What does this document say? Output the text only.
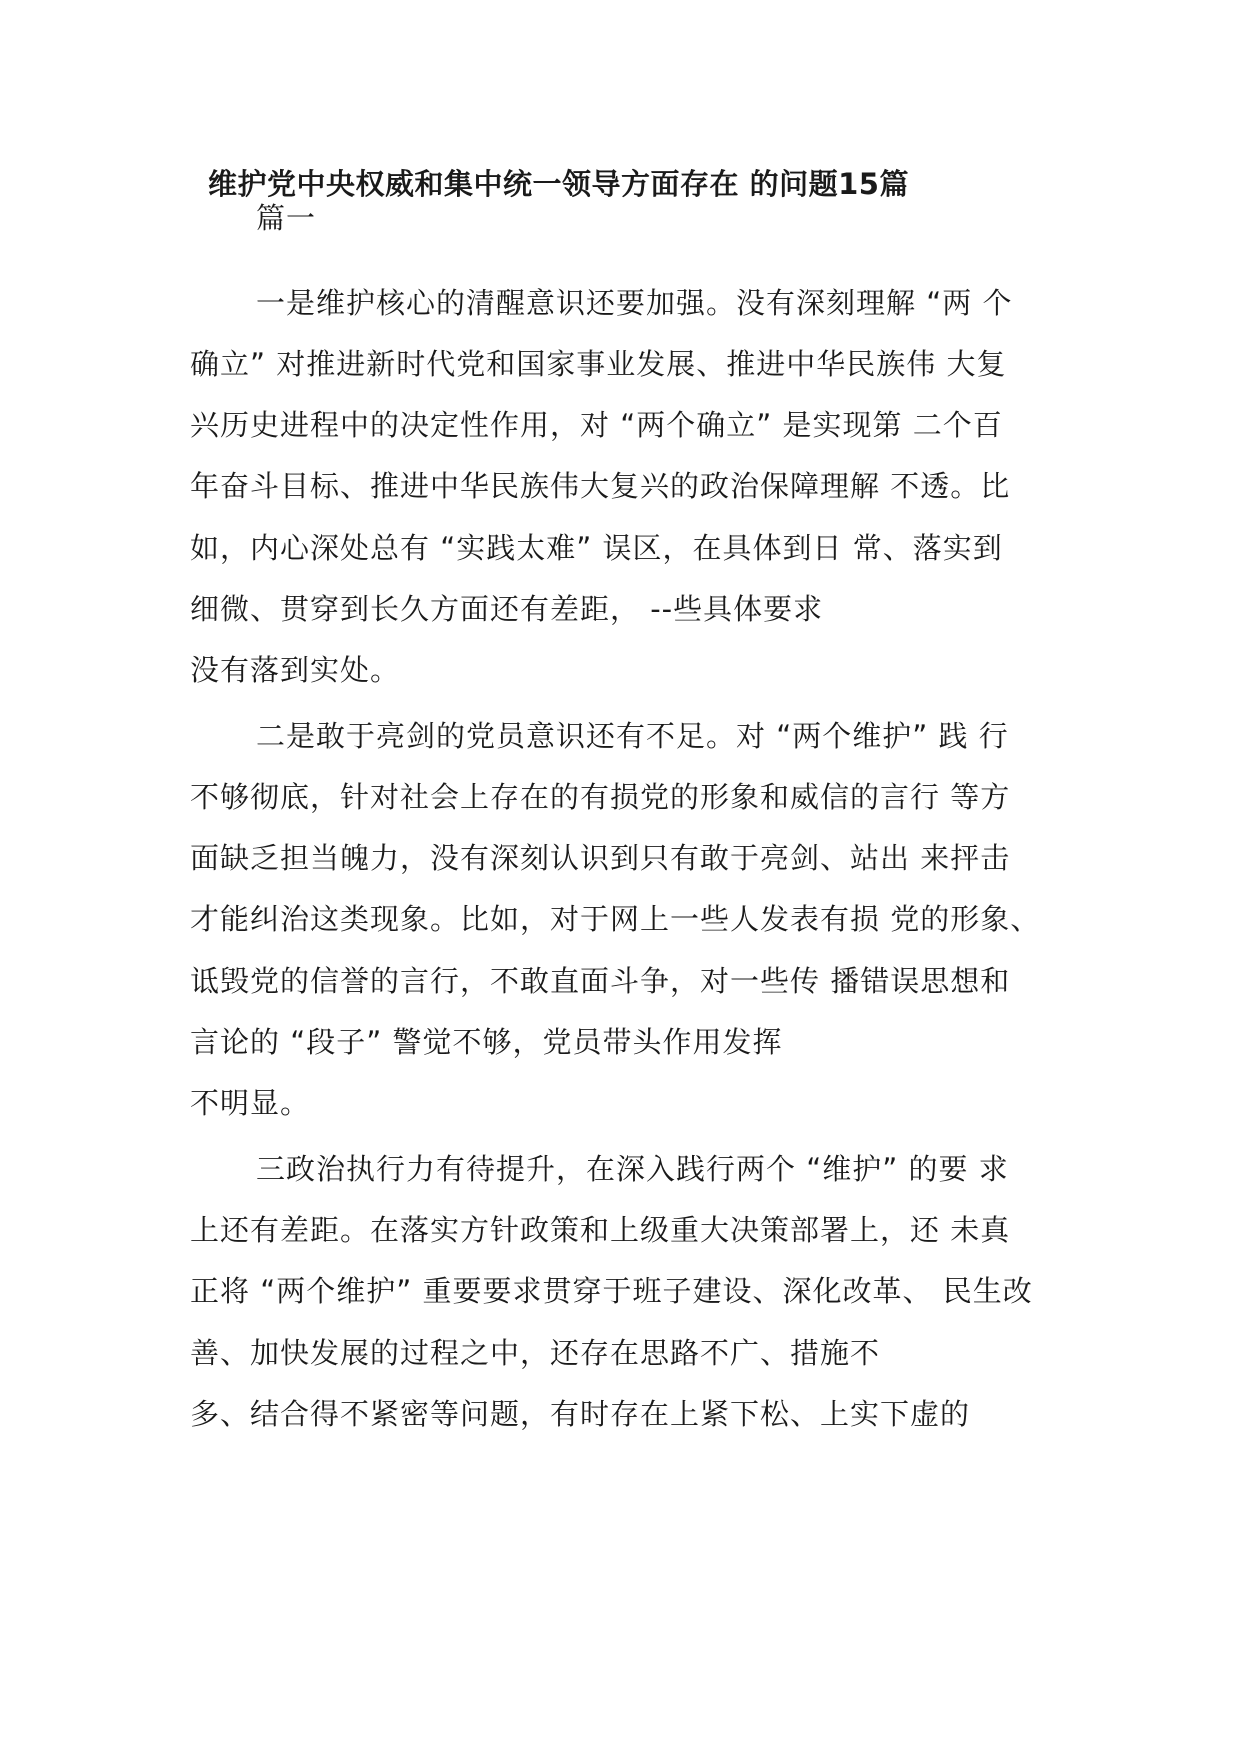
维护党中央权威和集中统一领导方面存在 的问题15篇
篇一
一是维护核心的清醒意识还要加强。没有深刻理解 “两 个
确立” 对推进新时代党和国家事业发展、推进中华民族伟 大复
兴历史进程中的决定性作用，对 “两个确立” 是实现第 二个百
年奋斗目标、推进中华民族伟大复兴的政治保障理解 不透。比
如，内心深处总有 “实践太难” 误区，在具体到日 常、落实到
细微、贯穿到长久方面还有差距， --些具体要求
没有落到实处。
二是敢于亮剑的党员意识还有不足。对 “两个维护” 践 行
不够彻底，针对社会上存在的有损党的形象和威信的言行 等方
面缺乏担当魄力，没有深刻认识到只有敢于亮剑、站出 来抨击
才能纠治这类现象。比如，对于网上一些人发表有损 党的形象、
诋毁党的信誉的言行，不敢直面斗争，对一些传 播错误思想和
言论的 “段子” 警觉不够，党员带头作用发挥
不明显。
三政治执行力有待提升，在深入践行两个 “维护” 的要 求
上还有差距。在落实方针政策和上级重大决策部署上，还 未真
正将 “两个维护” 重要要求贯穿于班子建设、深化改革、 民生改
善、加快发展的过程之中，还存在思路不广、措施不
多、结合得不紧密等问题，有时存在上紧下松、上实下虚的
